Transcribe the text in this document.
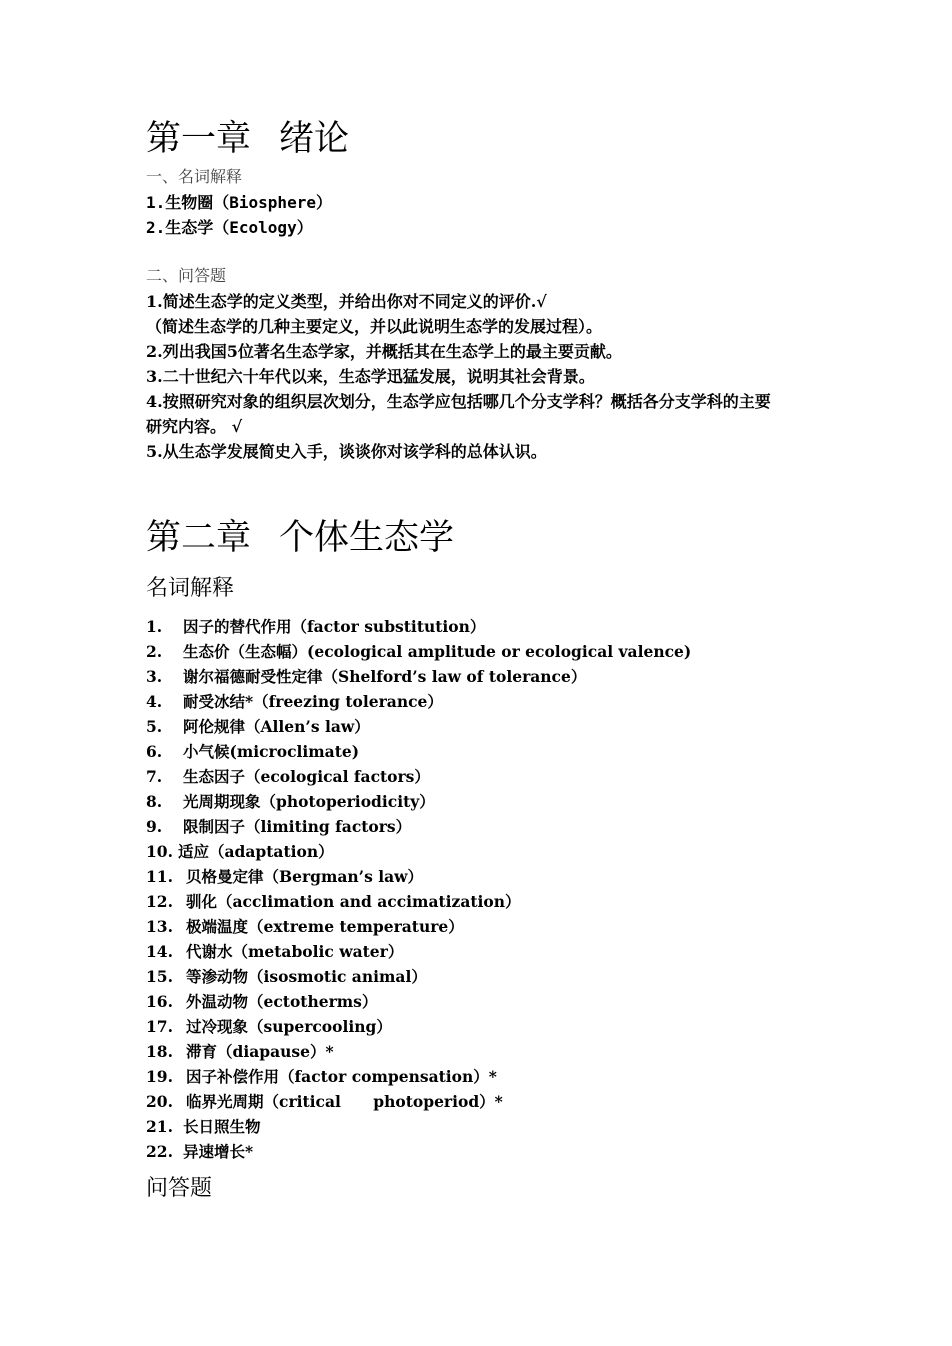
第一章 绪论
一、名词解释
1.生物圈（Biosphere）
2.生态学（Ecology）
二、问答题
1.简述生态学的定义类型，并给出你对不同定义的评价.√
（简述生态学的几种主要定义，并以此说明生态学的发展过程）。
2.列出我国5位著名生态学家，并概括其在生态学上的最主要贡献。
3.二十世纪六十年代以来，生态学迅猛发展，说明其社会背景。
4.按照研究对象的组织层次划分，生态学应包括哪几个分支学科？概括各分支学科的主要
研究内容。 √
5.从生态学发展简史入手，谈谈你对该学科的总体认识。
第二章 个体生态学
名词解释
1.	因子的替代作用（factor substitution）
2.	生态价（生态幅）(ecological amplitude or ecological valence)
3.	谢尔福德耐受性定律（Shelford’s law of tolerance）
4.	耐受冰结*（freezing tolerance）
5.	阿伦规律（Allen’s law）
6.	小气候(microclimate)
7.	生态因子（ecological factors）
8.	光周期现象（photoperiodicity）
9.	限制因子（limiting factors）
10. 适应（adaptation）
11. 贝格曼定律（Bergman’s law）
12. 驯化（acclimation and accimatization）
13. 极端温度（extreme temperature）
14. 代谢水（metabolic water）
15. 等渗动物（isosmotic animal）
16. 外温动物（ectotherms）
17. 过冷现象（supercooling）
18. 滞育（diapause）*
19. 因子补偿作用（factor compensation）*
20. 临界光周期（critical      photoperiod）*
21. 长日照生物
22. 异速增长*
问答题
